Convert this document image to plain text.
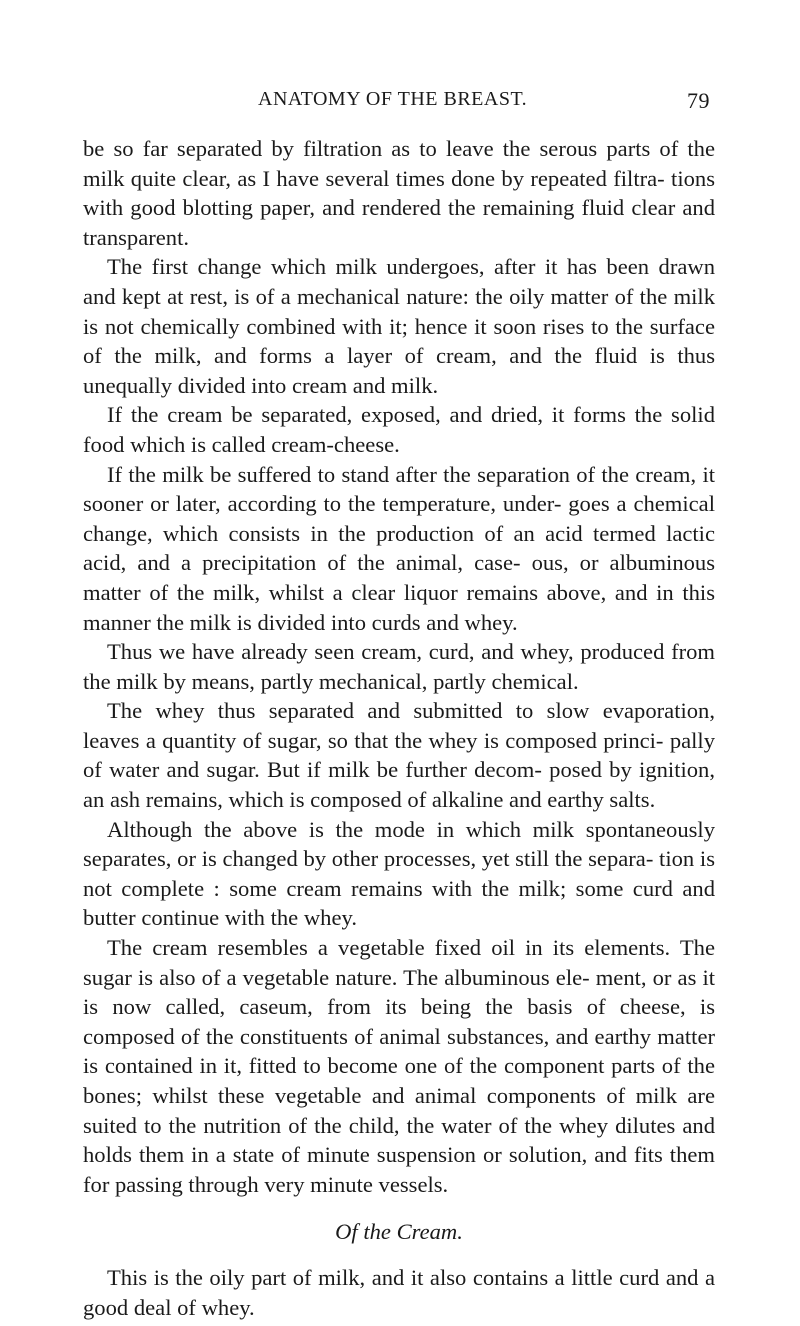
ANATOMY OF THE BREAST.	79

be so far separated by filtration as to leave the serous parts of the milk quite clear, as I have several times done by repeated filtra- tions with good blotting paper, and rendered the remaining fluid clear and transparent.

The first change which milk undergoes, after it has been drawn and kept at rest, is of a mechanical nature: the oily matter of the milk is not chemically combined with it; hence it soon rises to the surface of the milk, and forms a layer of cream, and the fluid is thus unequally divided into cream and milk.

If the cream be separated, exposed, and dried, it forms the solid food which is called cream-cheese.

If the milk be suffered to stand after the separation of the cream, it sooner or later, according to the temperature, under- goes a chemical change, which consists in the production of an acid termed lactic acid, and a precipitation of the animal, case- ous, or albuminous matter of the milk, whilst a clear liquor remains above, and in this manner the milk is divided into curds and whey.

Thus we have already seen cream, curd, and whey, produced from the milk by means, partly mechanical, partly chemical.

The whey thus separated and submitted to slow evaporation, leaves a quantity of sugar, so that the whey is composed princi- pally of water and sugar. But if milk be further decom- posed by ignition, an ash remains, which is composed of alkaline and earthy salts.

Although the above is the mode in which milk spontaneously separates, or is changed by other processes, yet still the separa- tion is not complete : some cream remains with the milk; some curd and butter continue with the whey.

The cream resembles a vegetable fixed oil in its elements. The sugar is also of a vegetable nature. The albuminous ele- ment, or as it is now called, caseum, from its being the basis of cheese, is composed of the constituents of animal substances, and earthy matter is contained in it, fitted to become one of the component parts of the bones; whilst these vegetable and animal components of milk are suited to the nutrition of the child, the water of the whey dilutes and holds them in a state of minute suspension or solution, and fits them for passing through very minute vessels.

Of the Cream.

This is the oily part of milk, and it also contains a little curd and a good deal of whey.
